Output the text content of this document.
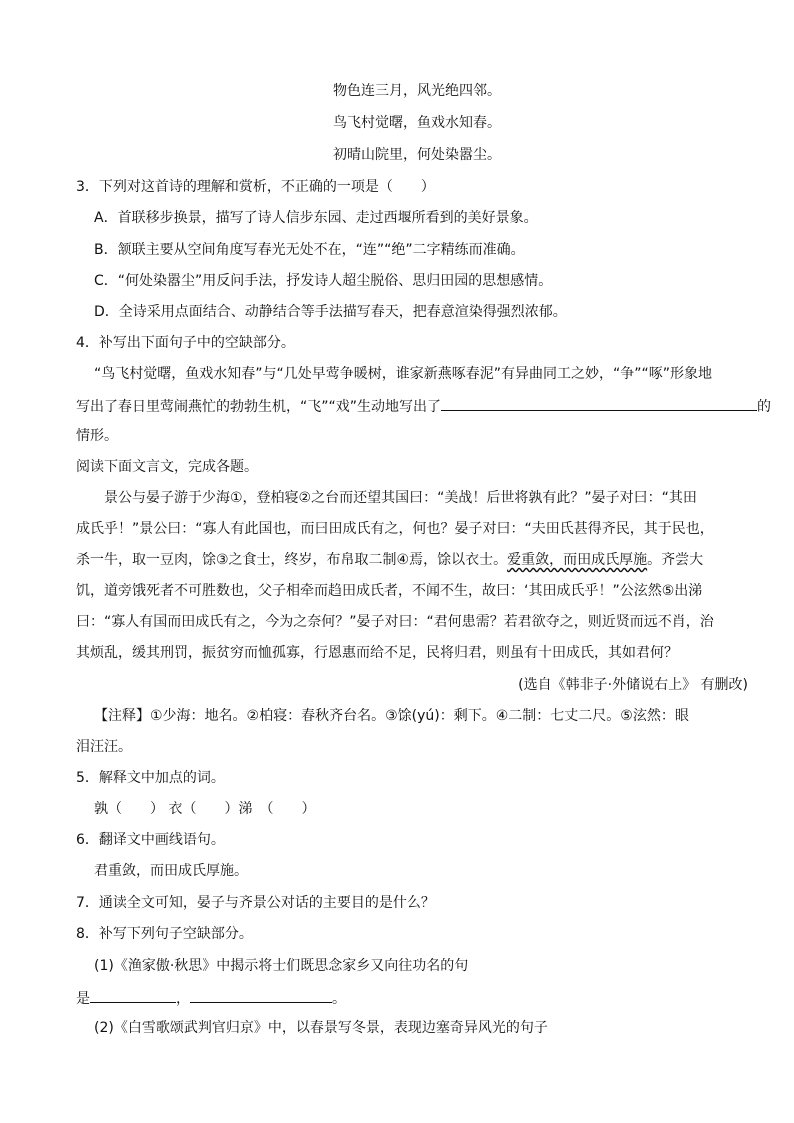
物色连三月，风光绝四邻。
鸟飞村觉曙，鱼戏水知春。
初晴山院里，何处染嚣尘。
3．下列对这首诗的理解和赏析，不正确的一项是（　　）
A．首联移步换景，描写了诗人信步东园、走过西堰所看到的美好景象。
B．颔联主要从空间角度写春光无处不在，“连”“绝”二字精练而准确。
C．“何处染嚣尘”用反问手法，抒发诗人超尘脱俗、思归田园的思想感情。
D．全诗采用点面结合、动静结合等手法描写春天，把春意渲染得强烈浓郁。
4．补写出下面句子中的空缺部分。
“鸟飞村觉曙，鱼戏水知春”与“几处早莺争暖树，谁家新燕啄春泥”有异曲同工之妙，“争”“啄”形象地
写出了春日里莺闹燕忙的勃勃生机，“飞”“戏”生动地写出了	的
情形。
阅读下面文言文，完成各题。
景公与晏子游于少海①，登柏寝②之台而还望其国曰：“美战！后世将孰有此？”晏子对曰：“其田
成氏乎！”景公曰：“寡人有此国也，而曰田成氏有之，何也？晏子对曰：“夫田氏甚得齐民，其于民也，
杀一牛，取一豆肉，馀③之食士，终岁，布帛取二制④焉，馀以衣士。爱重敛，而田成氏厚施。齐尝大
饥，道旁饿死者不可胜数也，父子相牵而趋田成氏者，不闻不生，故曰：‘其田成氏乎！”公泫然⑤出涕
曰：“寡人有国而田成氏有之，今为之奈何？”晏子对曰：“君何患需？若君欲夺之，则近贤而远不肖，治
其烦乱，缓其刑罚，振贫穷而恤孤寡，行恩惠而给不足，民将归君，则虽有十田成氏，其如君何？
(选自《韩非子·外储说右上》 有删改)
【注释】①少海：地名。②柏寝：春秋齐台名。③馀(yú)：剩下。④二制：七丈二尺。⑤泫然：眼
泪汪汪。
5．解释文中加点的词。
孰（　　） 衣（　　）涕　（　　）
6．翻译文中画线语句。
君重敛，而田成氏厚施。
7．通读全文可知，晏子与齐景公对话的主要目的是什么？
8．补写下列句子空缺部分。
(1)《渔家傲·秋思》中揭示将士们既思念家乡又向往功名的句
是	，	。
(2)《白雪歌颂武判官归京》中，以春景写冬景，表现边塞奇异风光的句子
